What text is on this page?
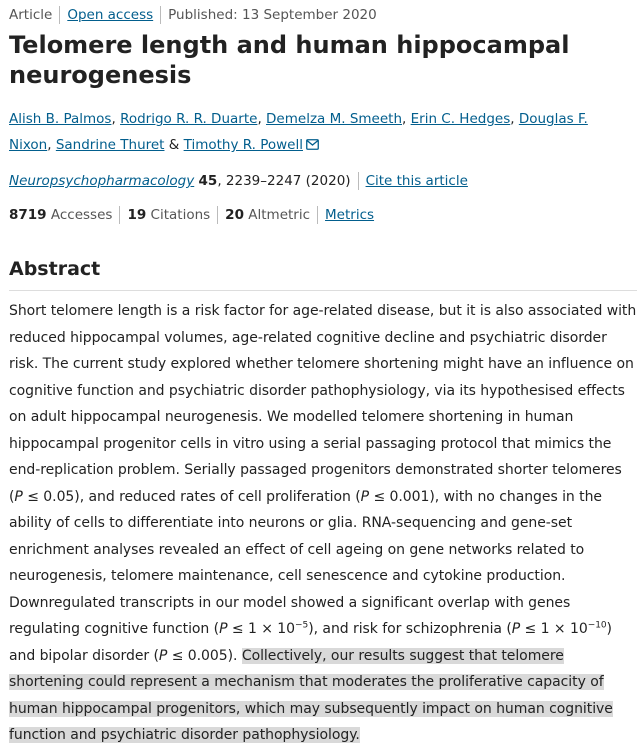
Article Open access Published: 13 September 2020
Telomere length and human hippocampal neurogenesis
Alish B. Palmos, Rodrigo R. R. Duarte, Demelza M. Smeeth, Erin C. Hedges, Douglas F. Nixon, Sandrine Thuret & Timothy R. Powell
Neuropsychopharmacology 45, 2239–2247 (2020) Cite this article
8719 Accesses 19 Citations 20 Altmetric Metrics
Abstract

Short telomere length is a risk factor for age-related disease, but it is also associated with reduced hippocampal volumes, age-related cognitive decline and psychiatric disorder risk. The current study explored whether telomere shortening might have an influence on cognitive function and psychiatric disorder pathophysiology, via its hypothesised effects on adult hippocampal neurogenesis. We modelled telomere shortening in human hippocampal progenitor cells in vitro using a serial passaging protocol that mimics the end-replication problem. Serially passaged progenitors demonstrated shorter telomeres (P ≤ 0.05), and reduced rates of cell proliferation (P ≤ 0.001), with no changes in the ability of cells to differentiate into neurons or glia. RNA-sequencing and gene-set enrichment analyses revealed an effect of cell ageing on gene networks related to neurogenesis, telomere maintenance, cell senescence and cytokine production. Downregulated transcripts in our model showed a significant overlap with genes regulating cognitive function $(P \le 1 \times 10^{-5})$, and risk for schizophrenia $(P \le 1 \times 10^{-10})$ and bipolar disorder (P ≤ 0.005). Collectively, our results suggest that telomere shortening could represent a mechanism that moderates the proliferative capacity of human hippocampal progenitors, which may subsequently impact on human cognitive function and psychiatric disorder pathophysiology.
